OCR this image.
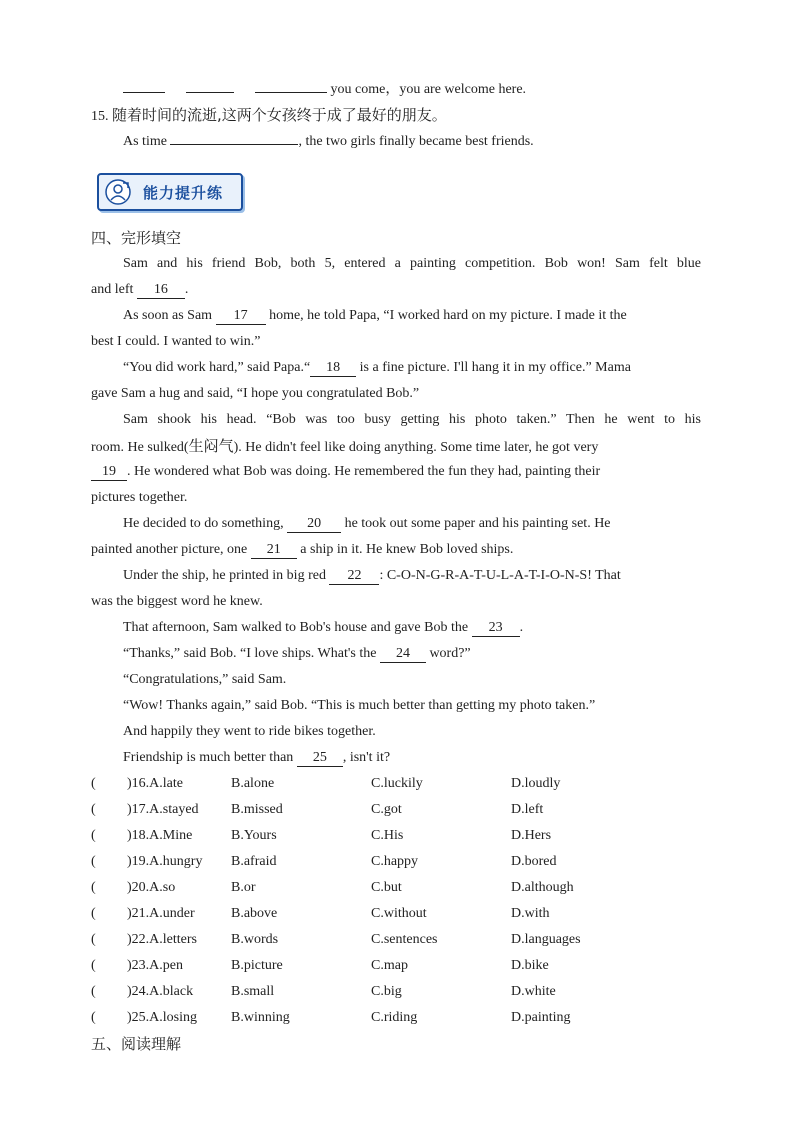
you come，you are welcome here.
15. 随着时间的流逝,这两个女孩终于成了最好的朋友。
As time	, the two girls finally became best friends.
能力提升练
四、完形填空
Sam and his friend Bob, both 5, entered a painting competition. Bob won! Sam felt blue
and left 16 .
As soon as Sam 17 home, he told Papa, “I worked hard on my picture. I made it the
best I could. I wanted to win.”
“You did work hard,” said Papa.“ 18 is a fine picture. I'll hang it in my office.” Mama
gave Sam a hug and said, “I hope you congratulated Bob.”
Sam shook his head. “Bob was too busy getting his photo taken.” Then he went to his
room. He sulked(生闷气). He didn't feel like doing anything. Some time later, he got very
19 . He wondered what Bob was doing. He remembered the fun they had, painting their
pictures together.
He decided to do something, 20 he took out some paper and his painting set. He
painted another picture, one 21 a ship in it. He knew Bob loved ships.
Under the ship, he printed in big red 22 : C-O-N-G-R-A-T-U-L-A-T-I-O-N-S! That
was the biggest word he knew.
That afternoon, Sam walked to Bob's house and gave Bob the 23 .
“Thanks,” said Bob. “I love ships. What's the 24 word?”
“Congratulations,” said Sam.
“Wow! Thanks again,” said Bob. “This is much better than getting my photo taken.”
And happily they went to ride bikes together.
Friendship is much better than 25 , isn't it?
( )16.A.late	B.alone	C.luckily	D.loudly
( )17.A.stayed B.missed	C.got	D.left
( )18.A.Mine	B.Yours	C.His	D.Hers
( )19.A.hungry B.afraid	C.happy	D.bored
( )20.A.so	B.or	C.but	D.although
( )21.A.under	B.above	C.without	D.with
( )22.A.letters B.words	C.sentences	D.languages
( )23.A.pen	B.picture	C.map	D.bike
( )24.A.black	B.small	C.big	D.white
( )25.A.losing B.winning	C.riding	D.painting
五、阅读理解
